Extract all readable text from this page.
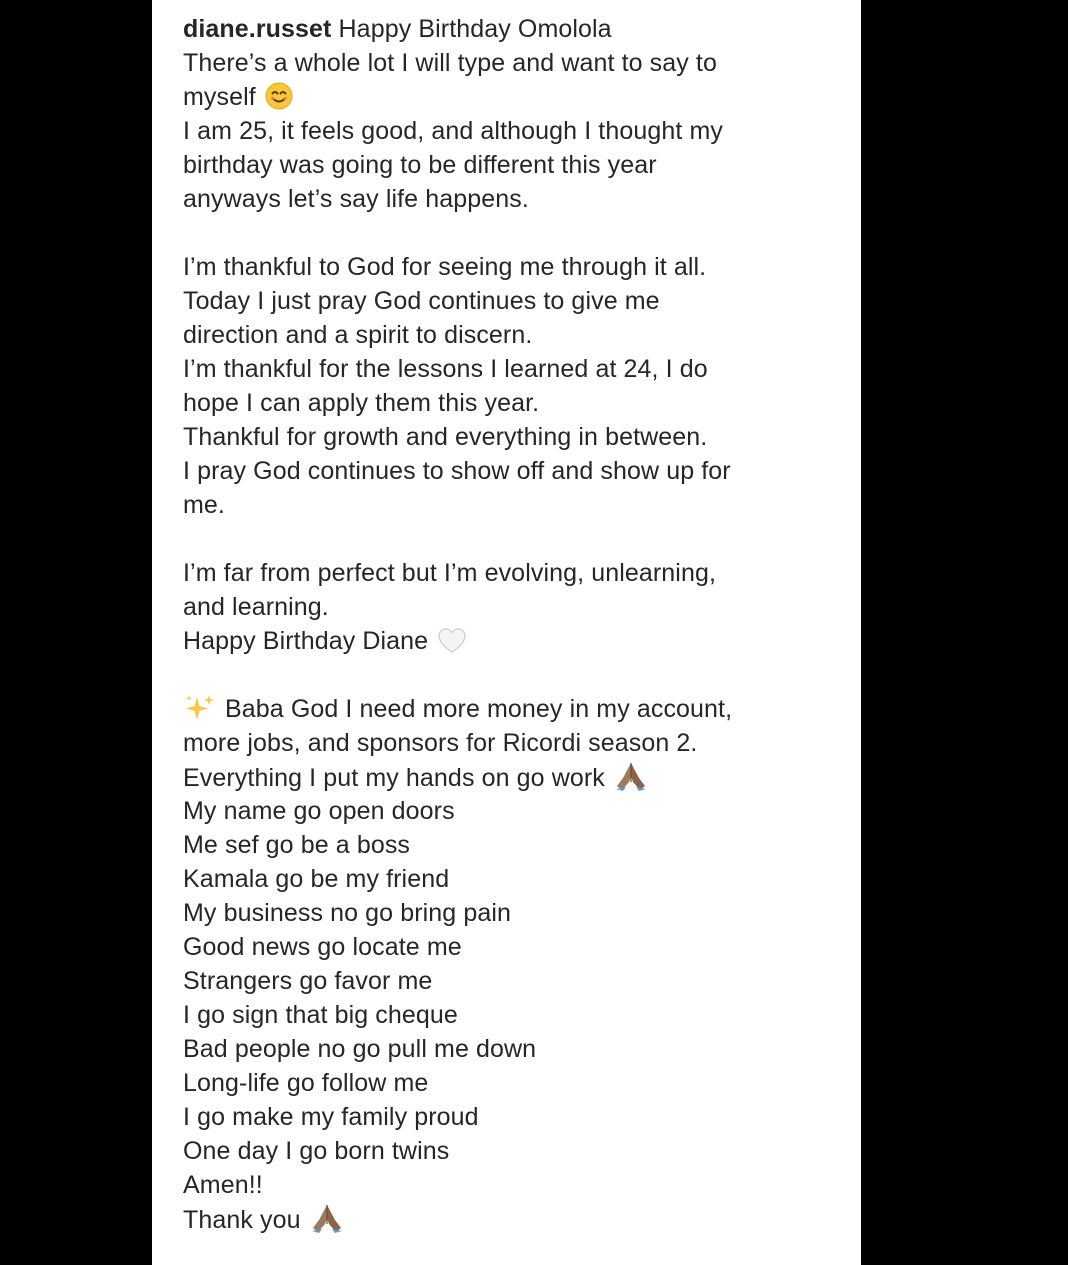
diane.russet Happy Birthday Omolola
There’s a whole lot I will type and want to say to
myself
I am 25, it feels good, and although I thought my
birthday was going to be different this year
anyways let’s say life happens.
I’m thankful to God for seeing me through it all.
Today I just pray God continues to give me
direction and a spirit to discern.
I’m thankful for the lessons I learned at 24, I do
hope I can apply them this year.
Thankful for growth and everything in between.
I pray God continues to show off and show up for
me.
I’m far from perfect but I’m evolving, unlearning,
and learning.
Happy Birthday Diane
Baba God I need more money in my account,
more jobs, and sponsors for Ricordi season 2.
Everything I put my hands on go work
My name go open doors
Me sef go be a boss
Kamala go be my friend
My business no go bring pain
Good news go locate me
Strangers go favor me
I go sign that big cheque
Bad people no go pull me down
Long-life go follow me
I go make my family proud
One day I go born twins
Amen!!
Thank you
